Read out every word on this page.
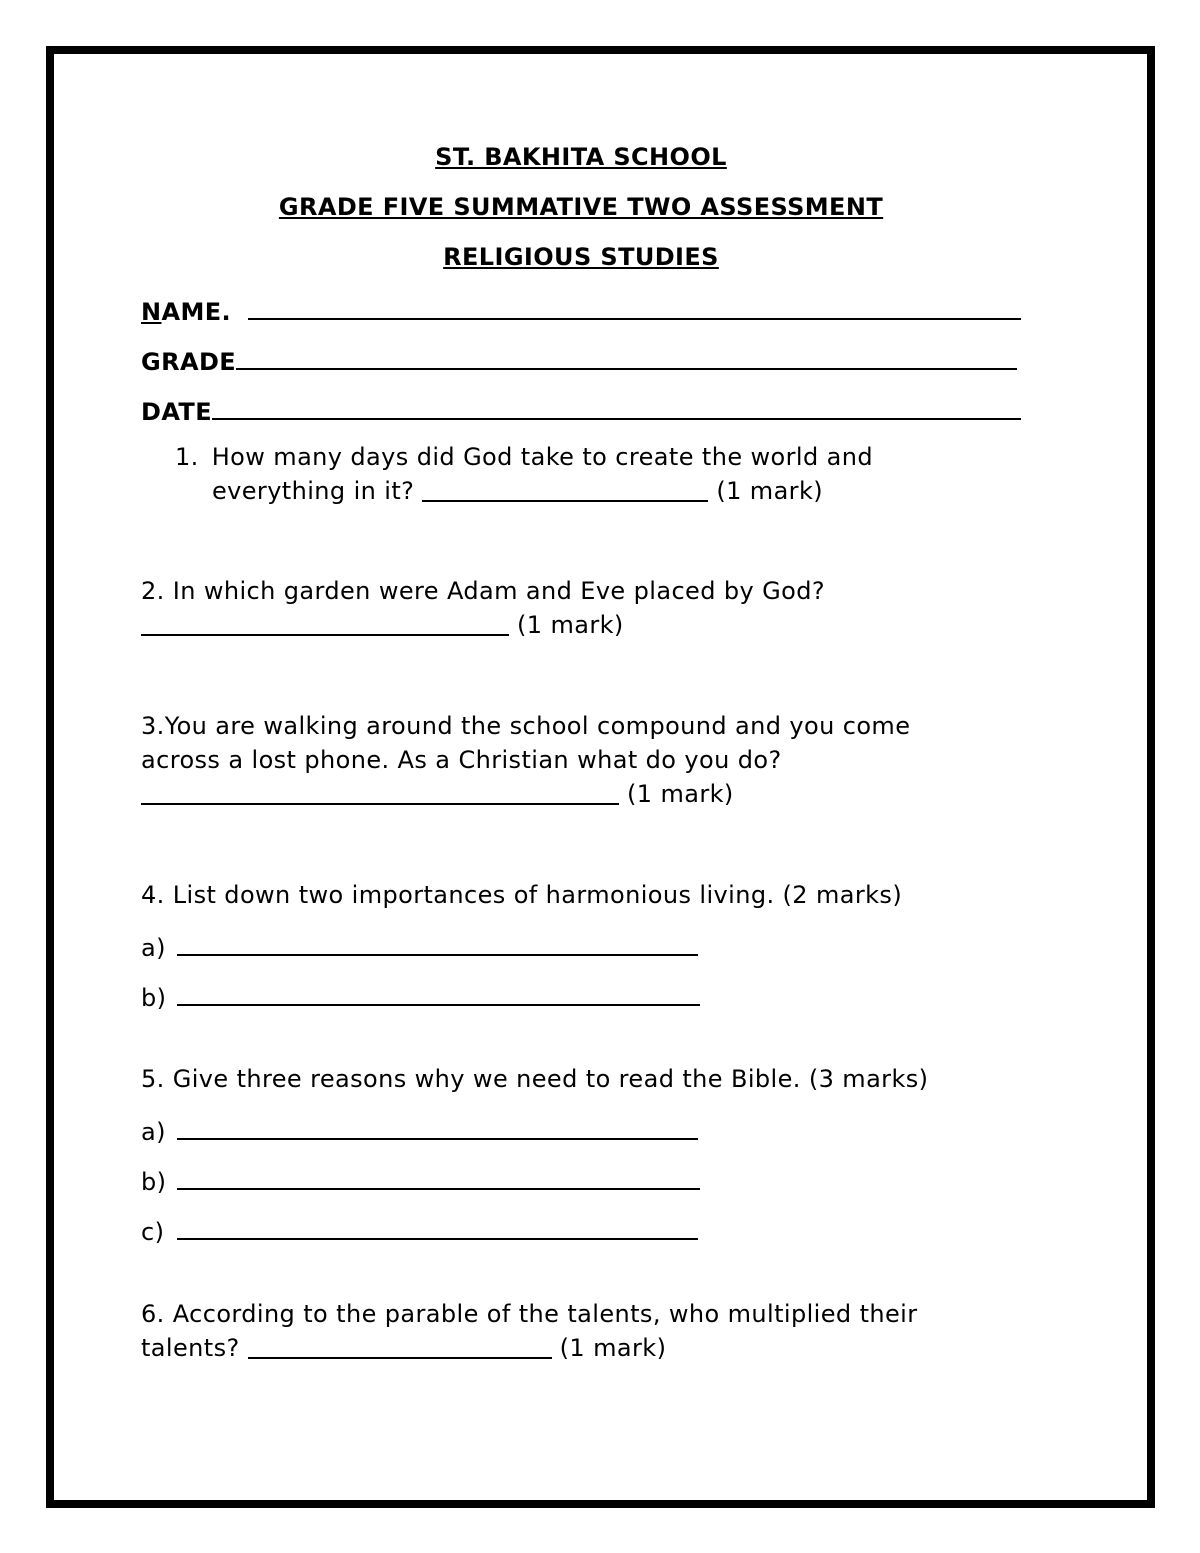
ST. BAKHITA SCHOOL
GRADE FIVE SUMMATIVE TWO ASSESSMENT
RELIGIOUS STUDIES
NAME.
GRADE
DATE
1. How many days did God take to create the world and
everything in it?	(1 mark)
2. In which garden were Adam and Eve placed by God?
(1 mark)
3.You are walking around the school compound and you come
across a lost phone. As a Christian what do you do?
(1 mark)
4. List down two importances of harmonious living. (2 marks)
a)
b)
5. Give three reasons why we need to read the Bible. (3 marks)
a)
b)
c)
6. According to the parable of the talents, who multiplied their
talents?	(1 mark)
